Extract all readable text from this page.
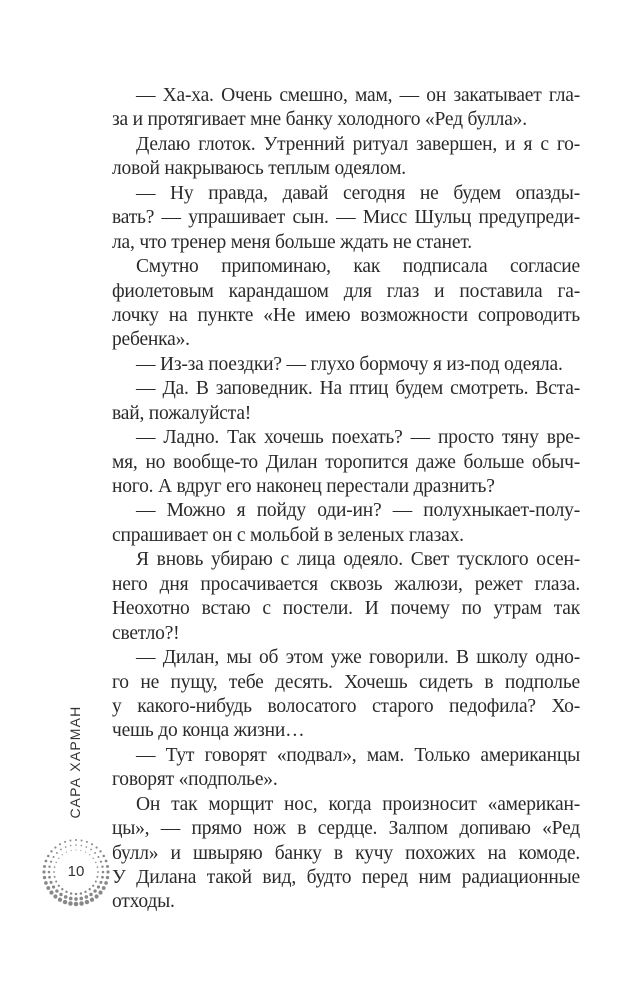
— Ха-ха. Очень смешно, мам, — он закатывает гла-
за и протягивает мне банку холодного «Ред булла».
Делаю глоток. Утренний ритуал завершен, и я с го-
ловой накрываюсь теплым одеялом.
— Ну правда, давай сегодня не будем опазды-
вать? — упрашивает сын. — Мисс Шульц предупреди-
ла, что тренер меня больше ждать не станет.
Смутно припоминаю, как подписала согласие
фиолетовым карандашом для глаз и поставила га-
лочку на пункте «Не имею возможности сопроводить
ребенка».
— Из-за поездки? — глухо бормочу я из-под одеяла.
— Да. В заповедник. На птиц будем смотреть. Вста-
вай, пожалуйста!
— Ладно. Так хочешь поехать? — просто тяну вре-
мя, но вообще-то Дилан торопится даже больше обыч-
ного. А вдруг его наконец перестали дразнить?
— Можно я пойду оди-ин? — полухныкает-полу-
спрашивает он с мольбой в зеленых глазах.
Я вновь убираю с лица одеяло. Свет тусклого осен-
него дня просачивается сквозь жалюзи, режет глаза.
Неохотно встаю с постели. И почему по утрам так
светло?!
— Дилан, мы об этом уже говорили. В школу одно-
го не пущу, тебе десять. Хочешь сидеть в подполье
у какого-нибудь волосатого старого педофила? Хо-
чешь до конца жизни…
— Тут говорят «подвал», мам. Только американцы
говорят «подполье».
Он так морщит нос, когда произносит «американ-
цы», — прямо нож в сердце. Залпом допиваю «Ред
булл» и швыряю банку в кучу похожих на комоде.
У Дилана такой вид, будто перед ним радиационные
отходы.
САРА ХАРМАН
10
